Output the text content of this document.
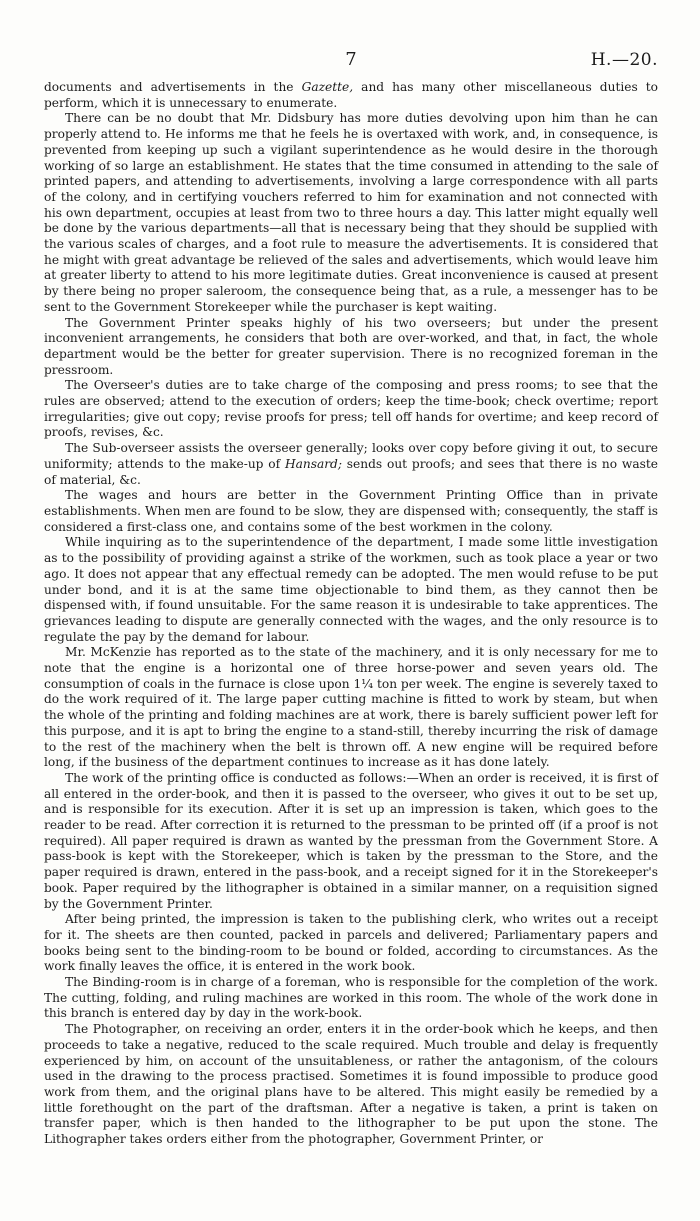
7	H.—20.

documents and advertisements in the Gazette, and has many other miscellaneous duties to perform, which it is unnecessary to enumerate.

There can be no doubt that Mr. Didsbury has more duties devolving upon him than he can properly attend to. He informs me that he feels he is overtaxed with work, and, in consequence, is prevented from keeping up such a vigilant superintendence as he would desire in the thorough working of so large an establishment. He states that the time consumed in attending to the sale of printed papers, and attending to advertisements, involving a large correspondence with all parts of the colony, and in certifying vouchers referred to him for examination and not connected with his own department, occupies at least from two to three hours a day. This latter might equally well be done by the various departments—all that is necessary being that they should be supplied with the various scales of charges, and a foot rule to measure the advertisements. It is considered that he might with great advantage be relieved of the sales and advertisements, which would leave him at greater liberty to attend to his more legitimate duties. Great inconvenience is caused at present by there being no proper saleroom, the consequence being that, as a rule, a messenger has to be sent to the Government Storekeeper while the purchaser is kept waiting.

The Government Printer speaks highly of his two overseers; but under the present inconvenient arrangements, he considers that both are over-worked, and that, in fact, the whole department would be the better for greater supervision. There is no recognized foreman in the pressroom.

The Overseer's duties are to take charge of the composing and press rooms; to see that the rules are observed; attend to the execution of orders; keep the time-book; check overtime; report irregularities; give out copy; revise proofs for press; tell off hands for overtime; and keep record of proofs, revises, &c.

The Sub-overseer assists the overseer generally; looks over copy before giving it out, to secure uniformity; attends to the make-up of Hansard; sends out proofs; and sees that there is no waste of material, &c.

The wages and hours are better in the Government Printing Office than in private establishments. When men are found to be slow, they are dispensed with; consequently, the staff is considered a first-class one, and contains some of the best workmen in the colony.

While inquiring as to the superintendence of the department, I made some little investigation as to the possibility of providing against a strike of the workmen, such as took place a year or two ago. It does not appear that any effectual remedy can be adopted. The men would refuse to be put under bond, and it is at the same time objectionable to bind them, as they cannot then be dispensed with, if found unsuitable. For the same reason it is undesirable to take apprentices. The grievances leading to dispute are generally connected with the wages, and the only resource is to regulate the pay by the demand for labour.

Mr. McKenzie has reported as to the state of the machinery, and it is only necessary for me to note that the engine is a horizontal one of three horse-power and seven years old. The consumption of coals in the furnace is close upon 1¼ ton per week. The engine is severely taxed to do the work required of it. The large paper cutting machine is fitted to work by steam, but when the whole of the printing and folding machines are at work, there is barely sufficient power left for this purpose, and it is apt to bring the engine to a stand-still, thereby incurring the risk of damage to the rest of the machinery when the belt is thrown off. A new engine will be required before long, if the business of the department continues to increase as it has done lately.

The work of the printing office is conducted as follows:—When an order is received, it is first of all entered in the order-book, and then it is passed to the overseer, who gives it out to be set up, and is responsible for its execution. After it is set up an impression is taken, which goes to the reader to be read. After correction it is returned to the pressman to be printed off (if a proof is not required). All paper required is drawn as wanted by the pressman from the Government Store. A pass-book is kept with the Storekeeper, which is taken by the pressman to the Store, and the paper required is drawn, entered in the pass-book, and a receipt signed for it in the Storekeeper's book. Paper required by the lithographer is obtained in a similar manner, on a requisition signed by the Government Printer.

After being printed, the impression is taken to the publishing clerk, who writes out a receipt for it. The sheets are then counted, packed in parcels and delivered; Parliamentary papers and books being sent to the binding-room to be bound or folded, according to circumstances. As the work finally leaves the office, it is entered in the work book.

The Binding-room is in charge of a foreman, who is responsible for the completion of the work. The cutting, folding, and ruling machines are worked in this room. The whole of the work done in this branch is entered day by day in the work-book.

The Photographer, on receiving an order, enters it in the order-book which he keeps, and then proceeds to take a negative, reduced to the scale required. Much trouble and delay is frequently experienced by him, on account of the unsuitableness, or rather the antagonism, of the colours used in the drawing to the process practised. Sometimes it is found impossible to produce good work from them, and the original plans have to be altered. This might easily be remedied by a little forethought on the part of the draftsman. After a negative is taken, a print is taken on transfer paper, which is then handed to the lithographer to be put upon the stone. The Lithographer takes orders either from the photographer, Government Printer, or
